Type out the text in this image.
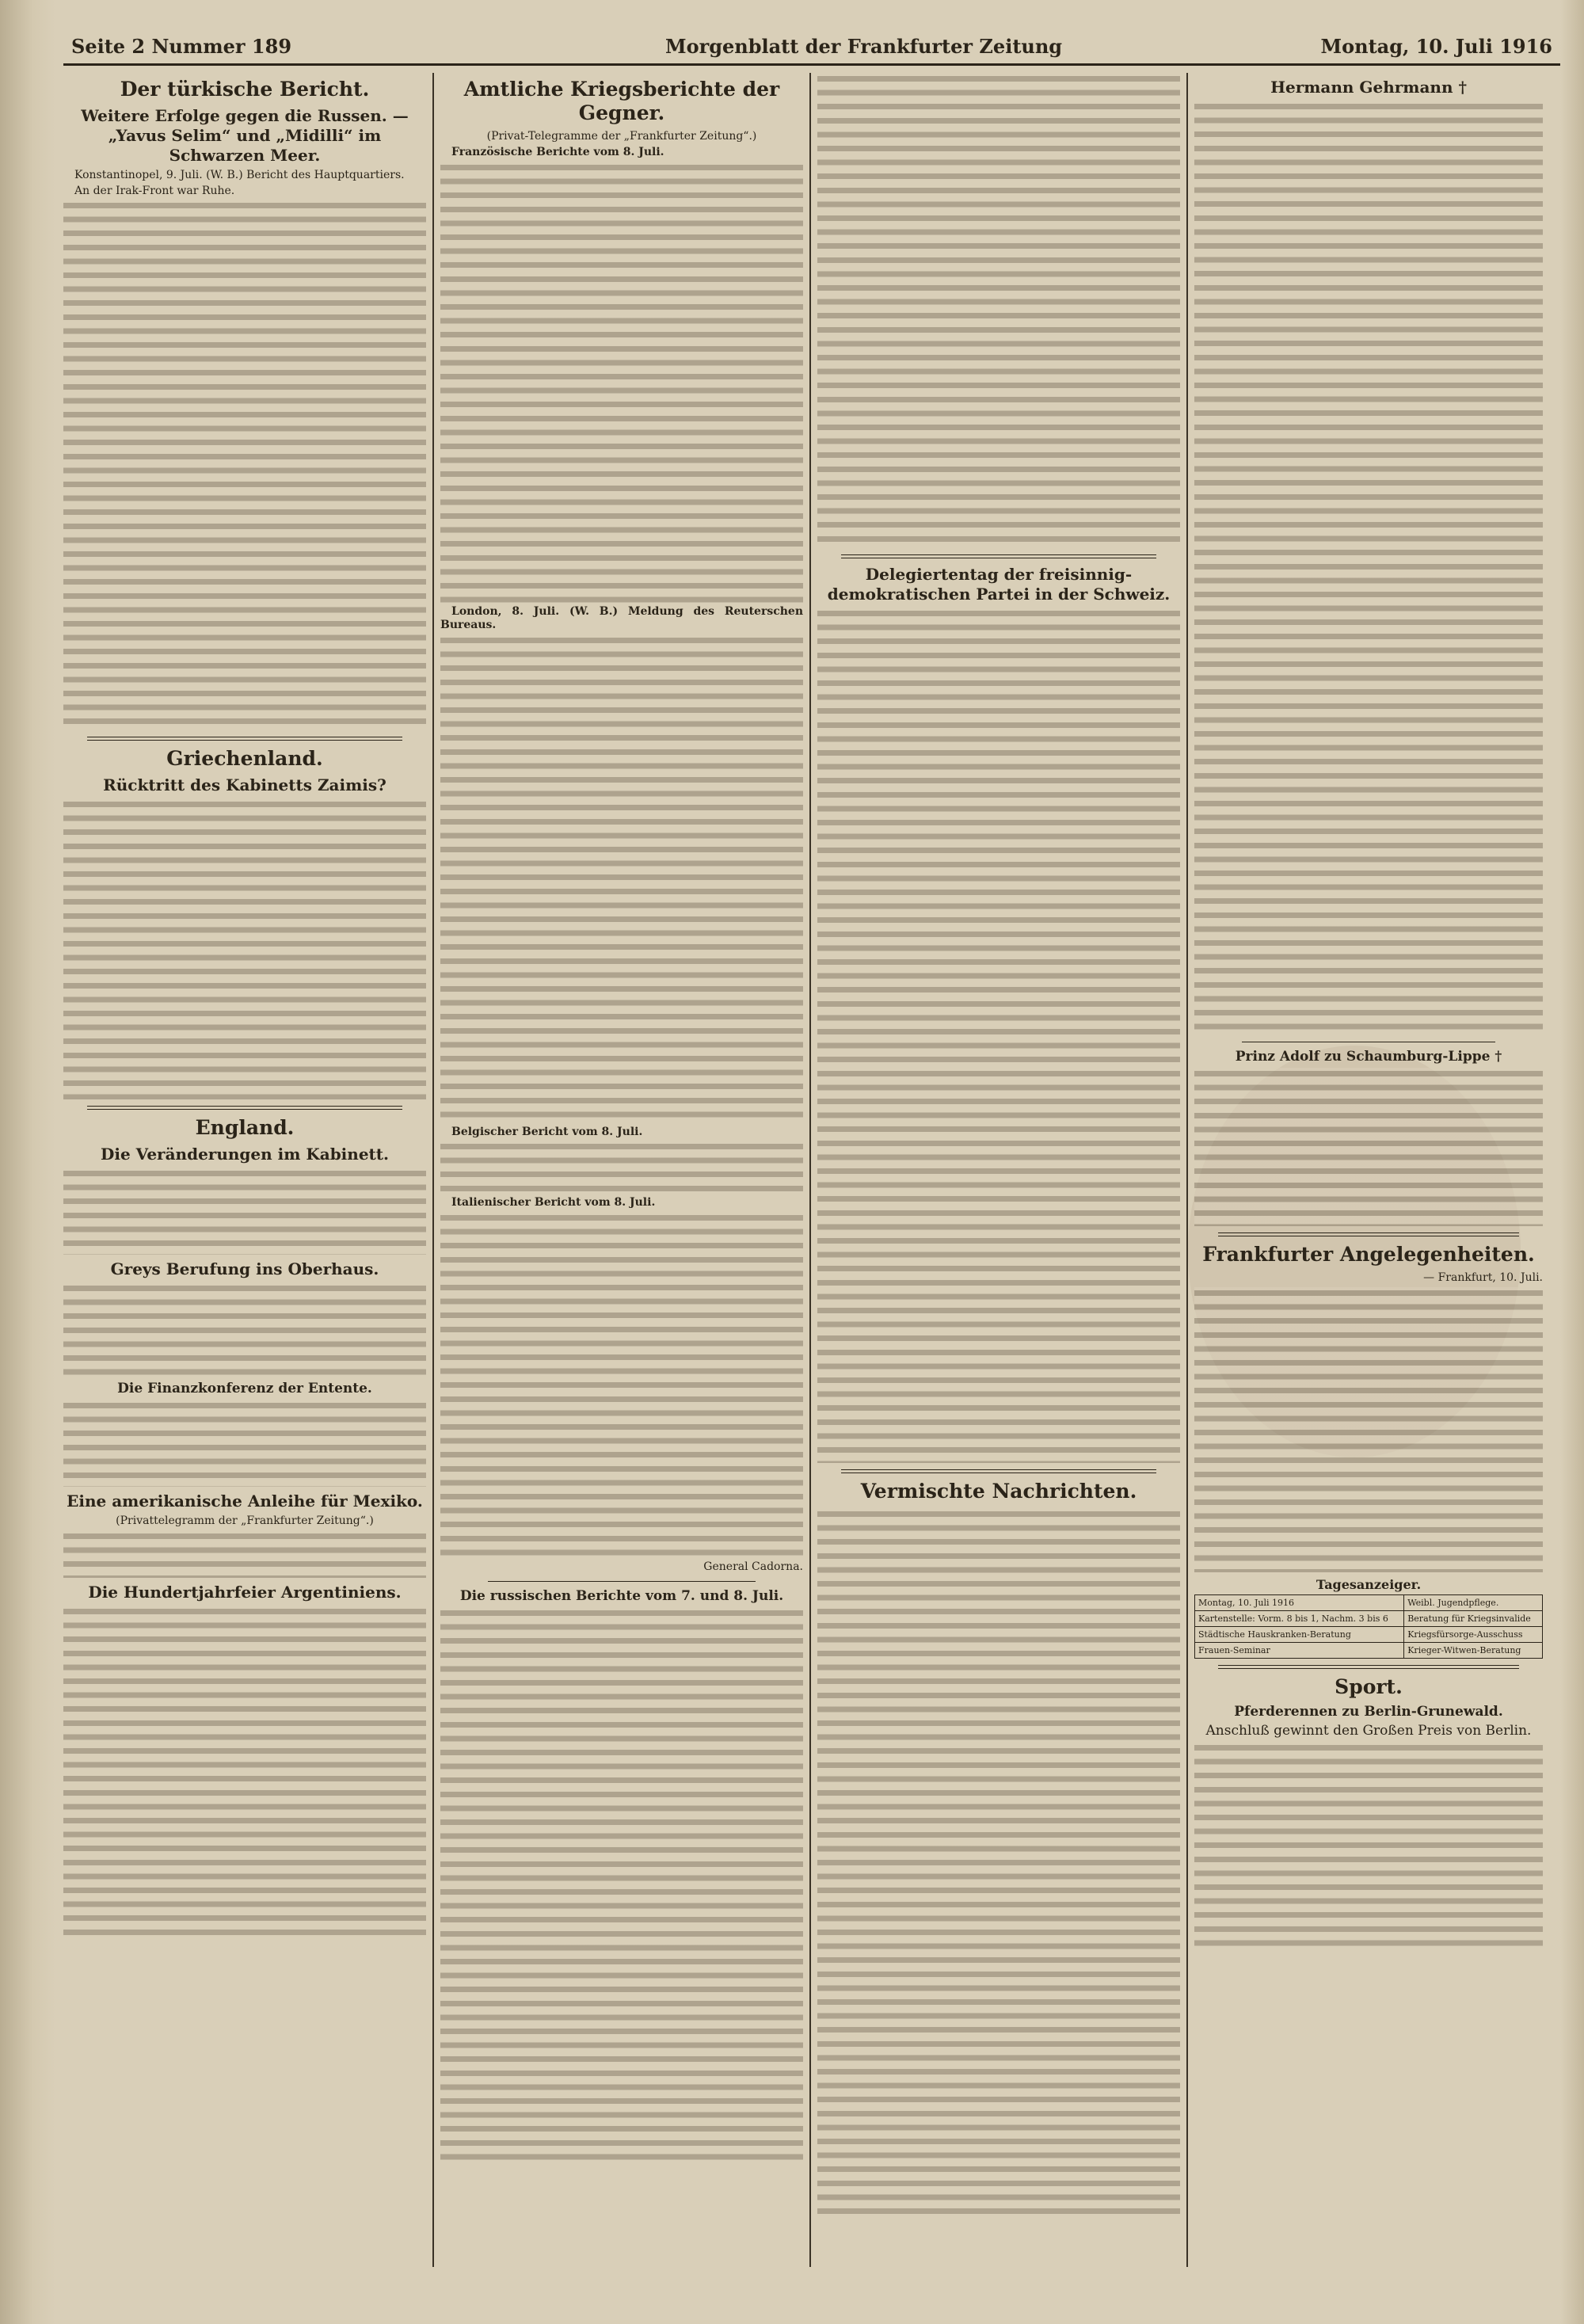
Seite 2 Nummer 189	Morgenblatt der Frankfurter Zeitung	Montag, 10. Juli 1916
Der türkische Bericht.
Weitere Erfolge gegen die Russen. — „Yavus Selim“ und „Midilli“ im Schwarzen Meer.
Konstantinopel, 9. Juli. (W. B.) Bericht des Hauptquartiers.
An der Irak-Front war Ruhe.
Griechenland.
Rücktritt des Kabinetts Zaimis?
England.
Die Veränderungen im Kabinett.
Greys Berufung ins Oberhaus.
Die Finanzkonferenz der Entente.
Eine amerikanische Anleihe für Mexiko.
(Privattelegramm der „Frankfurter Zeitung“.)
Die Hundertjahrfeier Argentiniens.
Amtliche Kriegsberichte der Gegner.
(Privat-Telegramme der „Frankfurter Zeitung“.)
Französische Berichte vom 8. Juli.
London, 8. Juli. (W. B.) Meldung des Reuterschen Bureaus.
Belgischer Bericht vom 8. Juli.
Italienischer Bericht vom 8. Juli.
General Cadorna.
Die russischen Berichte vom 7. und 8. Juli.
Delegiertentag der freisinnig-demokratischen Partei in der Schweiz.
Vermischte Nachrichten.
Hermann Gehrmann †
Prinz Adolf zu Schaumburg-Lippe †
Frankfurter Angelegenheiten.
— Frankfurt, 10. Juli.
Tagesanzeiger.
Montag, 10. Juli 1916	Weibl. Jugendpflege.
Kartenstelle: Vorm. 8 bis 1, Nachm. 3 bis 6	Beratung für Kriegsinvalide
Städtische Hauskranken-Beratung	Kriegsfürsorge-Ausschuss
Frauen-Seminar	Krieger-Witwen-Beratung
Sport.
Pferderennen zu Berlin-Grunewald.
Anschluß gewinnt den Großen Preis von Berlin.
